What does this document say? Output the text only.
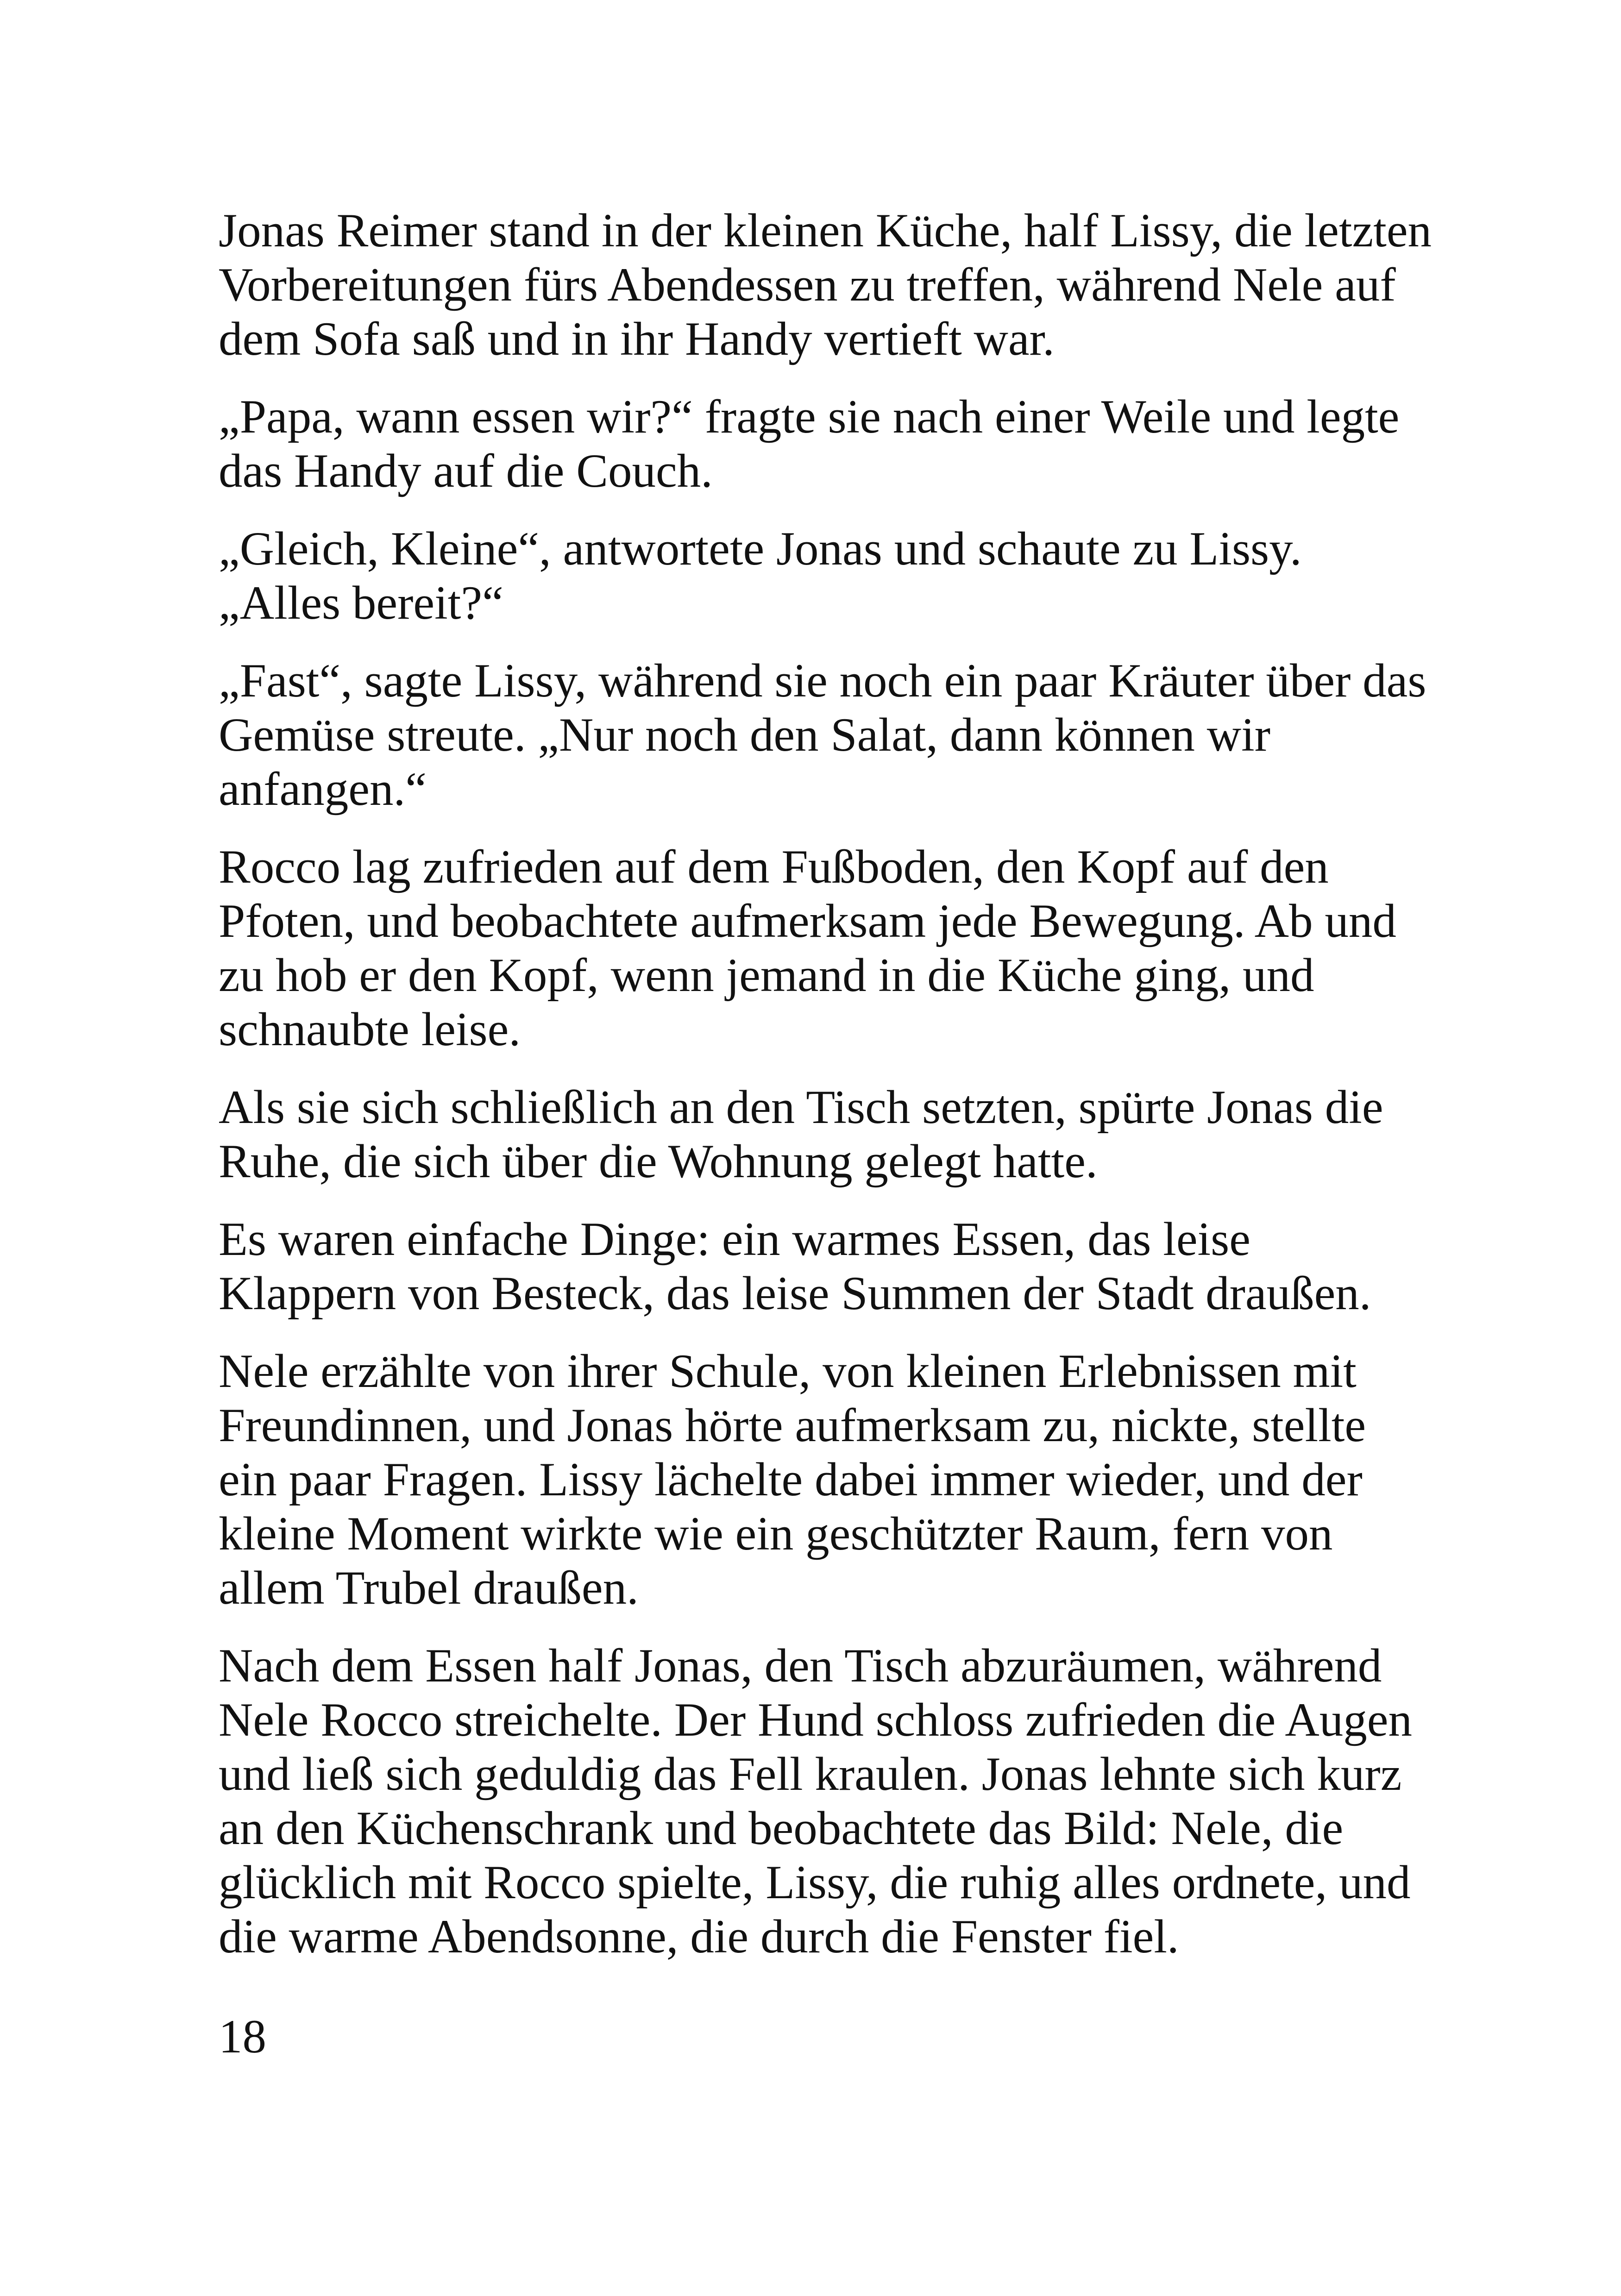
Jonas Reimer stand in der kleinen Küche, half Lissy, die letzten
Vorbereitungen fürs Abendessen zu treffen, während Nele auf
dem Sofa saß und in ihr Handy vertieft war.

„Papa, wann essen wir?“ fragte sie nach einer Weile und legte
das Handy auf die Couch.

„Gleich, Kleine“, antwortete Jonas und schaute zu Lissy.
„Alles bereit?“

„Fast“, sagte Lissy, während sie noch ein paar Kräuter über das
Gemüse streute. „Nur noch den Salat, dann können wir
anfangen.“

Rocco lag zufrieden auf dem Fußboden, den Kopf auf den
Pfoten, und beobachtete aufmerksam jede Bewegung. Ab und
zu hob er den Kopf, wenn jemand in die Küche ging, und
schnaubte leise.

Als sie sich schließlich an den Tisch setzten, spürte Jonas die
Ruhe, die sich über die Wohnung gelegt hatte.

Es waren einfache Dinge: ein warmes Essen, das leise
Klappern von Besteck, das leise Summen der Stadt draußen.

Nele erzählte von ihrer Schule, von kleinen Erlebnissen mit
Freundinnen, und Jonas hörte aufmerksam zu, nickte, stellte
ein paar Fragen. Lissy lächelte dabei immer wieder, und der
kleine Moment wirkte wie ein geschützter Raum, fern von
allem Trubel draußen.

Nach dem Essen half Jonas, den Tisch abzuräumen, während
Nele Rocco streichelte. Der Hund schloss zufrieden die Augen
und ließ sich geduldig das Fell kraulen. Jonas lehnte sich kurz
an den Küchenschrank und beobachtete das Bild: Nele, die
glücklich mit Rocco spielte, Lissy, die ruhig alles ordnete, und
die warme Abendsonne, die durch die Fenster fiel.

18
